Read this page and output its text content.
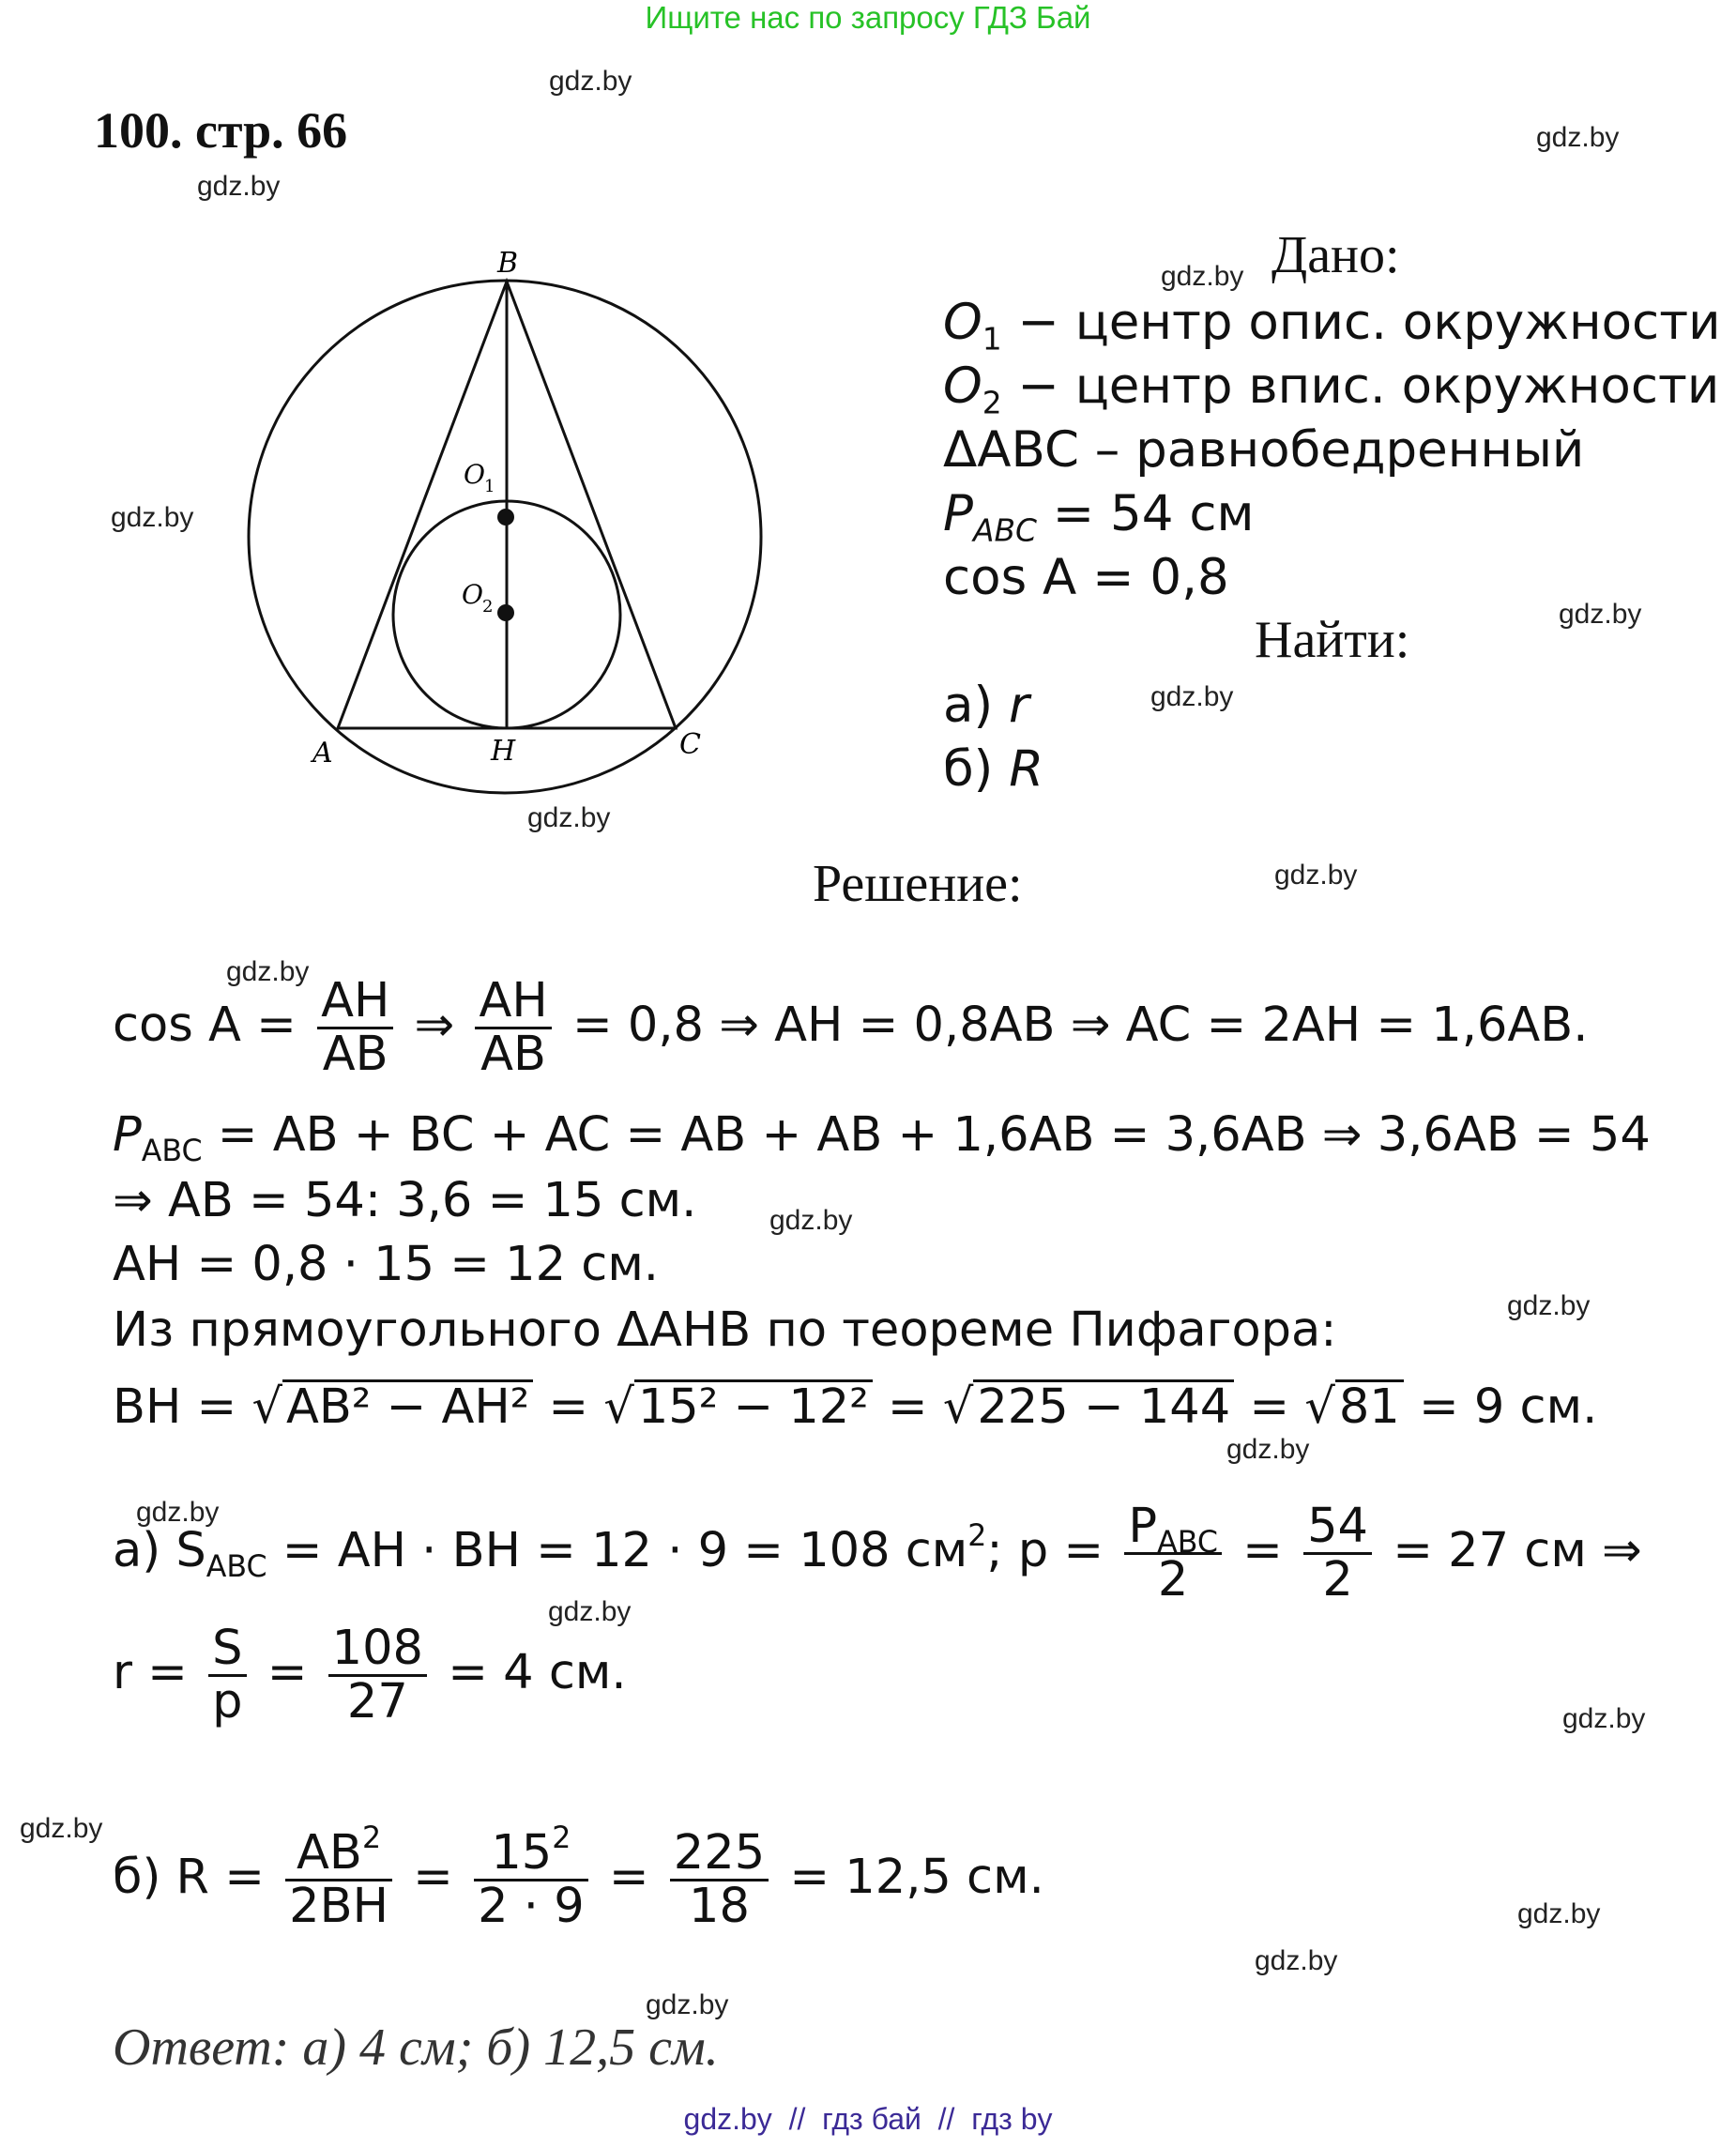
Ищите нас по запросу ГДЗ Бай
100. стр. 66
gdz.by
gdz.by
gdz.by
gdz.by
gdz.by
gdz.by
gdz.by
gdz.by
gdz.by
gdz.by
gdz.by
gdz.by
gdz.by
gdz.by
gdz.by
gdz.by
gdz.by
gdz.by
gdz.by
gdz.by
B
A	C
H
O 1
O 2
Дано:
$O_1$ − центр опис. окружности
$O_2$ − центр впис. окружности
ΔABC – равнобедренный
$P_{ABC} = 54$ см
cos A = 0,8
Найти:
а) r
б) R
Решение:
$\cos A = \frac{AH}{AB}$ ⇒ $\frac{AH}{AB} = 0,8$ ⇒ AH = 0,8AB ⇒ AC = 2AH = 1,6AB.
$P_{ABC}$ = AB + BC + AC = AB + AB + 1,6AB = 3,6AB ⇒ 3,6AB = 54
⇒ AB = 54: 3,6 = 15 см.
AH = 0,8 · 15 = 12 см.
Из прямоугольного ΔAHB по теореме Пифагора:
BH = √AB² − AH² = √15² − 12² = √225 − 144 = √81 = 9 см.
а) $S_{ABC}$ = AH · BH = 12 · 9 = 108 $см^2$; $p = \frac{P_{ABC}}{2} = \frac{54}{2} = 27$ см ⇒
$r = \frac{S}{p} = \frac{108}{27} = 4$ см.
б) $R = \frac{AB^2}{2BH} = \frac{15^2}{2 \cdot 9} = \frac{225}{18} = 12,5$ см.
Ответ: а) 4 см; б) 12,5 см.
gdz.by  //  гдз бай  //  гдз by
